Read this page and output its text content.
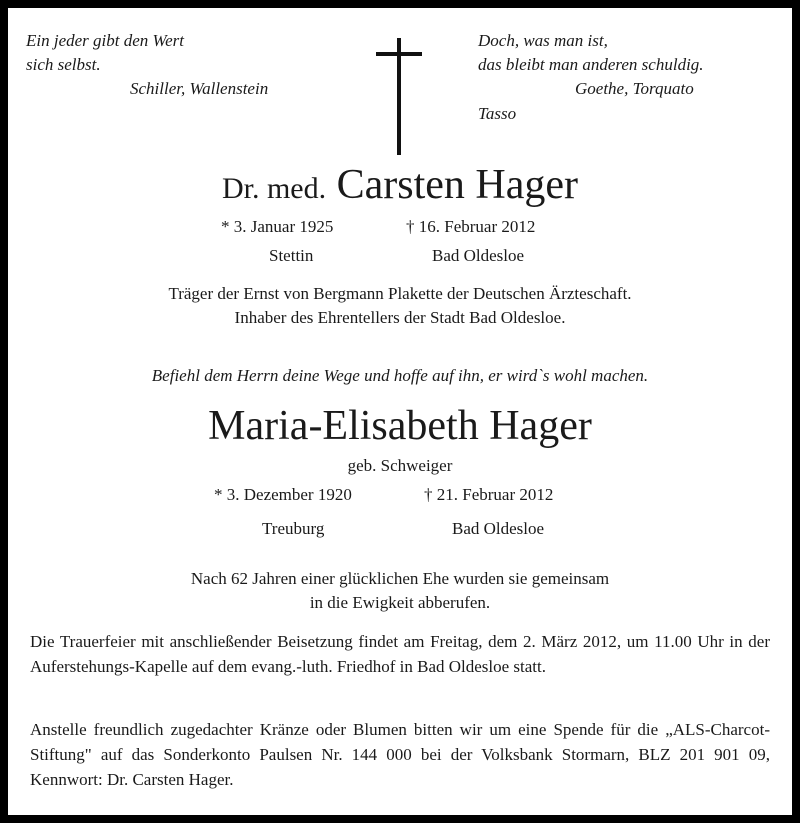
Ein jeder gibt den Wert
sich selbst.
Schiller, Wallenstein
Doch, was man ist,
das bleibt man anderen schuldig.
Goethe, Torquato
Tasso
Dr. med. Carsten Hager
* 3. Januar 1925	† 16. Februar 2012
Stettin	Bad Oldesloe
Träger der Ernst von Bergmann Plakette der Deutschen Ärzteschaft.
Inhaber des Ehrentellers der Stadt Bad Oldesloe.
Befiehl dem Herrn deine Wege und hoffe auf ihn, er wird`s wohl machen.
Maria-Elisabeth Hager
geb. Schweiger
* 3. Dezember 1920	† 21. Februar 2012
Treuburg	Bad Oldesloe
Nach 62 Jahren einer glücklichen Ehe wurden sie gemeinsam
in die Ewigkeit abberufen.
Die Trauerfeier mit anschließender Beisetzung findet am Freitag, dem 2. März 2012, um 11.00 Uhr in der Auferstehungs-Kapelle auf dem evang.-luth. Friedhof in Bad Oldesloe statt.
Anstelle freundlich zugedachter Kränze oder Blumen bitten wir um eine Spende für die „ALS-Charcot-Stiftung" auf das Sonderkonto Paulsen Nr. 144 000 bei der Volksbank Stormarn, BLZ 201 901 09, Kennwort: Dr. Carsten Hager.
